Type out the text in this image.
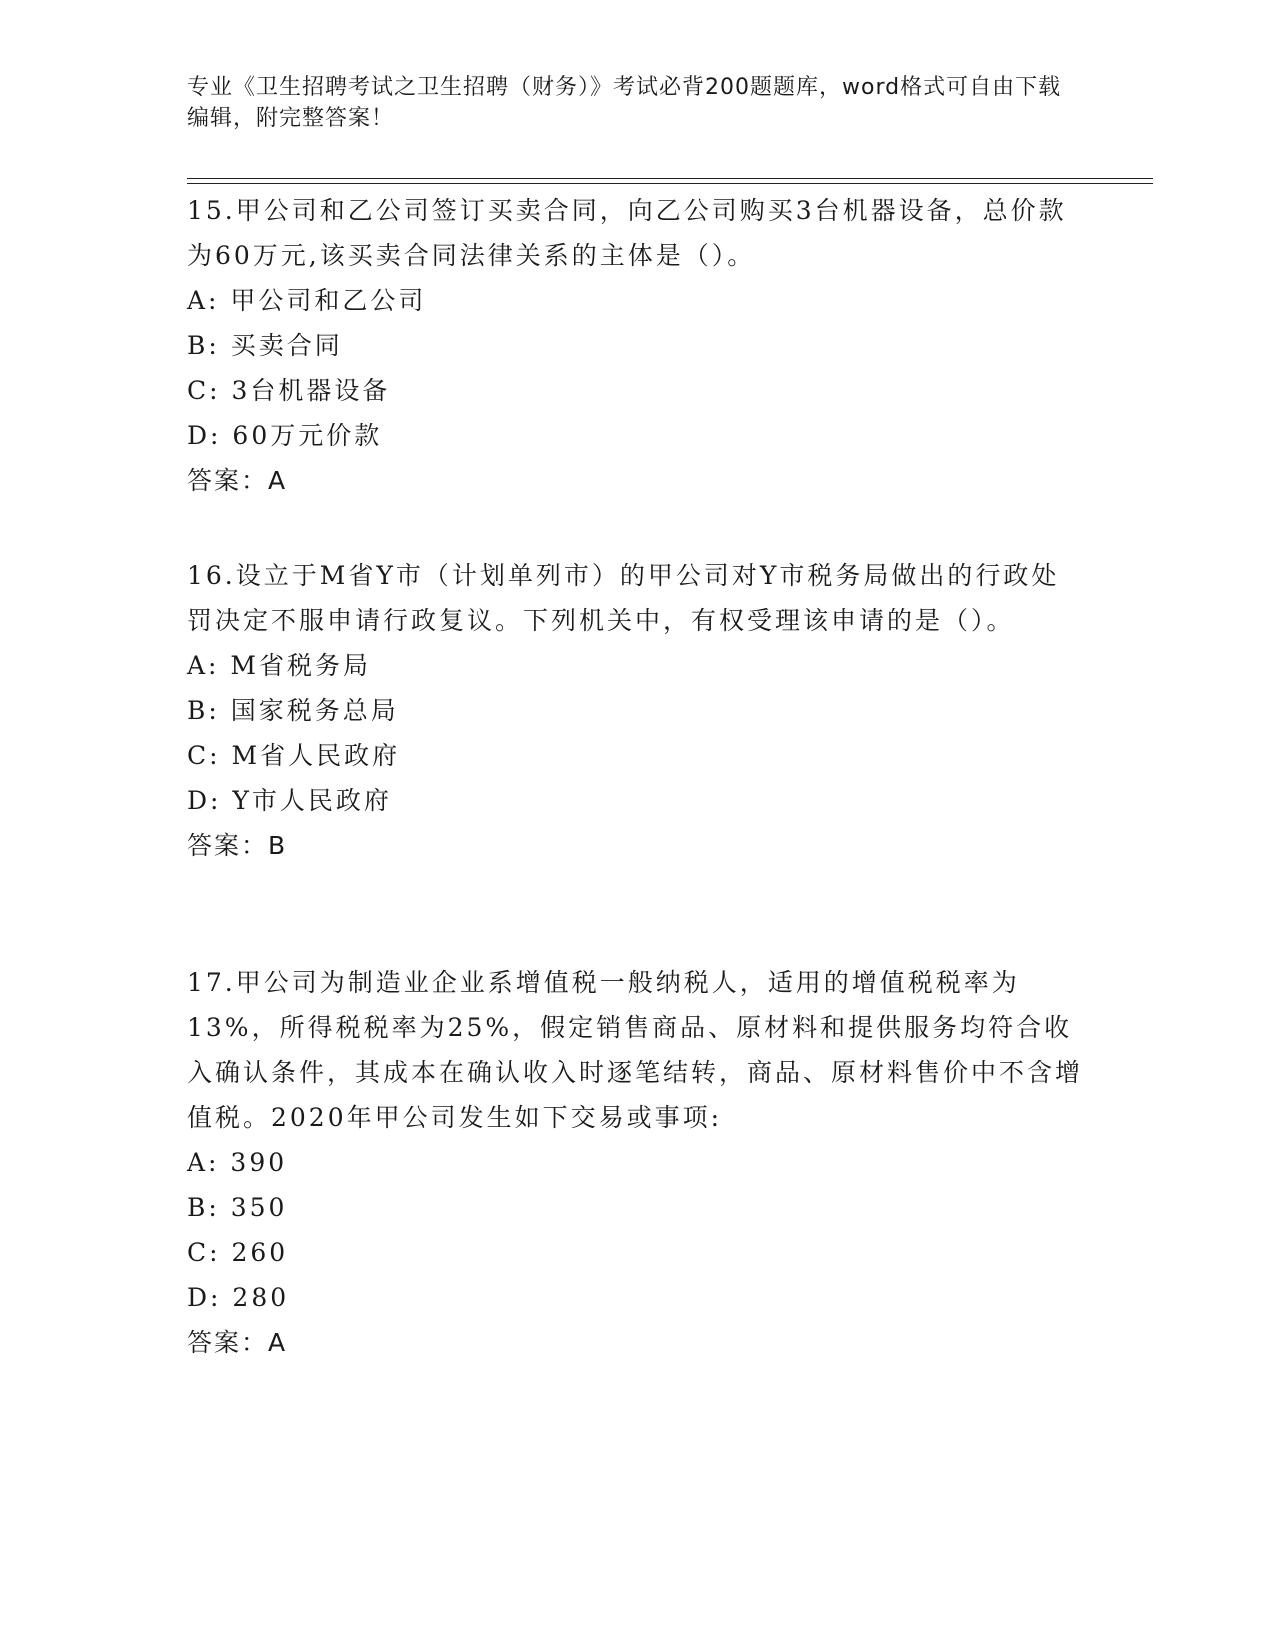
专业《卫生招聘考试之卫生招聘（财务）》考试必背200题题库，word格式可自由下载编辑，附完整答案！

15.甲公司和乙公司签订买卖合同，向乙公司购买3台机器设备，总价款为60万元,该买卖合同法律关系的主体是（）。

A: 甲公司和乙公司

B: 买卖合同

C: 3台机器设备

D: 60万元价款

答案：A

16.设立于M省Y市（计划单列市）的甲公司对Y市税务局做出的行政处罚决定不服申请行政复议。下列机关中，有权受理该申请的是（）。

A: M省税务局

B: 国家税务总局

C: M省人民政府

D: Y市人民政府

答案：B

17.甲公司为制造业企业系增值税一般纳税人，适用的增值税税率为13%，所得税税率为25%，假定销售商品、原材料和提供服务均符合收入确认条件，其成本在确认收入时逐笔结转，商品、原材料售价中不含增值税。2020年甲公司发生如下交易或事项:

A: 390

B: 350

C: 260

D: 280

答案：A
